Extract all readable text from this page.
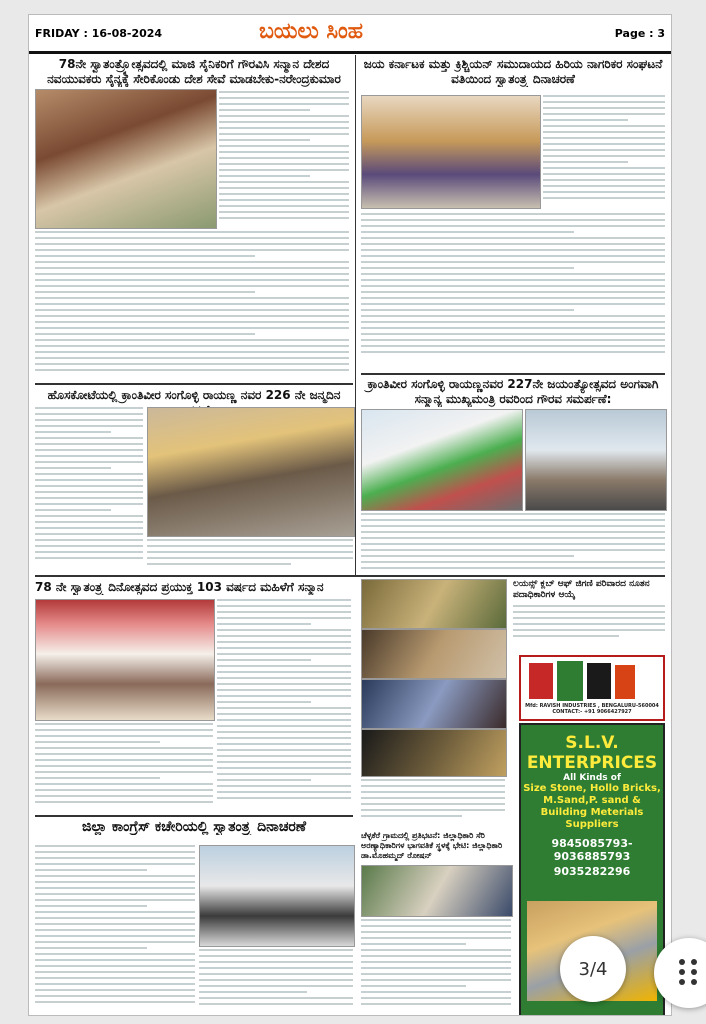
FRIDAY : 16-08-2024	ಬಯಲು ಸಿಂಹ	Page : 3
78ನೇ ಸ್ವಾತಂತ್ರ್ಯೋತ್ಸವದಲ್ಲಿ ಮಾಜಿ ಸೈನಿಕರಿಗೆ ಗೌರವಿಸಿ ಸನ್ಮಾನ ದೇಶದ ನವಯುವಕರು ಸೈನ್ಯಕ್ಕೆ ಸೇರಿಕೊಂಡು ದೇಶ ಸೇವೆ ಮಾಡಬೇಕು-ನರೇಂದ್ರಕುಮಾರ
ಜಯ ಕರ್ನಾಟಕ ಮತ್ತು ಕ್ರಿಶ್ಚಿಯನ್ ಸಮುದಾಯದ ಹಿರಿಯ ನಾಗರಿಕರ ಸಂಘಟನೆ ವತಿಯಿಂದ ಸ್ವಾತಂತ್ರ್ಯ ದಿನಾಚರಣೆ
ಹೊಸಕೋಟೆಯಲ್ಲಿ ಕ್ರಾಂತಿವೀರ ಸಂಗೊಳ್ಳಿ ರಾಯಣ್ಣ ನವರ 226 ನೇ ಜನ್ಮದಿನ
ಕ್ರಾಂತಿವೀರ ಸಂಗೊಳ್ಳಿ ರಾಯಣ್ಣನವರ 227ನೇ ಜಯಂತ್ಯೋತ್ಸವದ ಅಂಗವಾಗಿ ಸನ್ಮಾನ್ಯ ಮುಖ್ಯಮಂತ್ರಿ ರವರಿಂದ ಗೌರವ ಸಮರ್ಪಣೆ:
78 ನೇ ಸ್ವಾತಂತ್ರ್ಯ ದಿನೋತ್ಸವದ ಪ್ರಯುಕ್ತ 103 ವರ್ಷದ ಮಹಿಳೆಗೆ ಸನ್ಮಾನ	ಲಯನ್ಸ್ ಕ್ಲಬ್ ಆಫ್ ಜಿಗಣಿ ಪರಿವಾರದ ನೂತನ ಪದಾಧಿಕಾರಿಗಳ ಆಯ್ಕೆ
Mfd: RAVISH INDUSTRIES , BENGALURU-560004
CONTACT:- +91 9066427927
S.L.V. ENTERPRICES
All Kinds of
Size Stone, Hollo Bricks, M.Sand,P. sand & Building Meterials Suppliers
9845085793-9036885793
9035282296
ಜಿಲ್ಲಾ ಕಾಂಗ್ರೆಸ್ ಕಚೇರಿಯಲ್ಲಿ ಸ್ವಾತಂತ್ರ್ಯ ದಿನಾಚರಣೆ
ಚೆಳ್ಳಕೆರೆ ಗ್ರಾಮದಲ್ಲಿ ಪ್ರತಿಭಟನೆ: ಜಿಲ್ಲಾಧಿಕಾರಿ ಸೆರಿ ಅರಣ್ಯಾಧಿಕಾರಿಗಳ ಭಾಗವತಿಕೆ ಸ್ಥಳಕ್ಕೆ ಭೇಟಿ: ಜಿಲ್ಲಾಧಿಕಾರಿ ಡಾ.ಮೊಹಮ್ಮದ್ ರೋಷನ್
3/4
